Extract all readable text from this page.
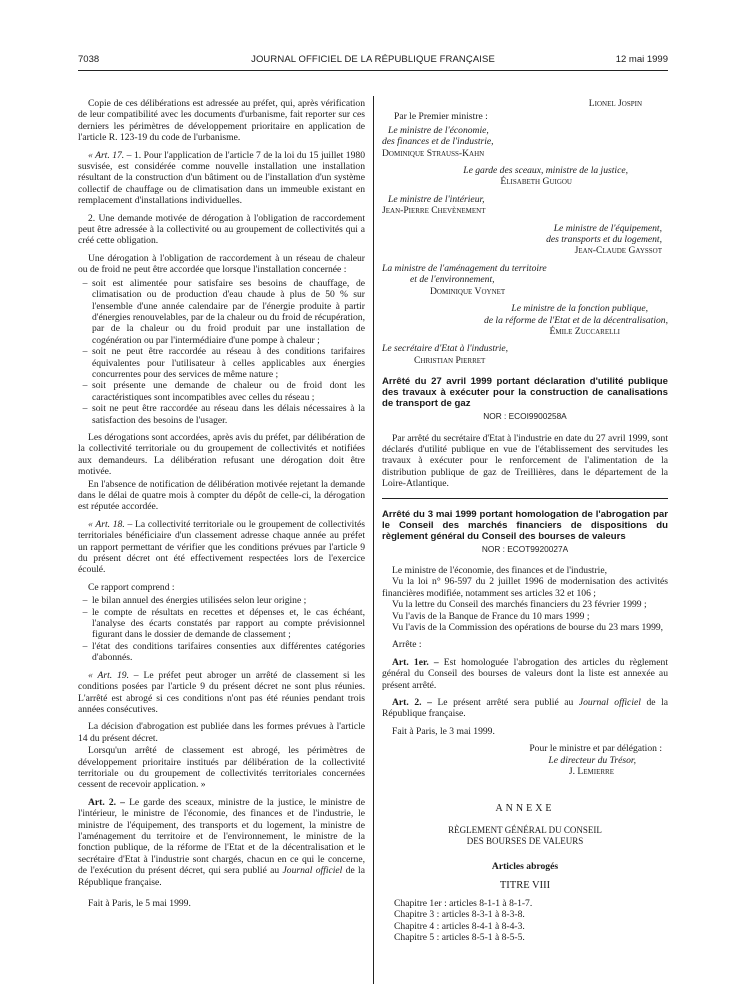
7038	JOURNAL OFFICIEL DE LA RÉPUBLIQUE FRANÇAISE	12 mai 1999

Copie de ces délibérations est adressée au préfet, qui, après vérification de leur compatibilité avec les documents d'urbanisme, fait reporter sur ces derniers les périmètres de développement prioritaire en application de l'article R. 123-19 du code de l'urbanisme.

« Art. 17. – 1. Pour l'application de l'article 7 de la loi du 15 juillet 1980 susvisée, est considérée comme nouvelle installation une installation résultant de la construction d'un bâtiment ou de l'installation d'un système collectif de chauffage ou de climatisation dans un immeuble existant en remplacement d'installations individuelles.

2. Une demande motivée de dérogation à l'obligation de raccordement peut être adressée à la collectivité ou au groupement de collectivités qui a créé cette obligation.

Une dérogation à l'obligation de raccordement à un réseau de chaleur ou de froid ne peut être accordée que lorsque l'installation concernée :

– soit est alimentée pour satisfaire ses besoins de chauffage, de climatisation ou de production d'eau chaude à plus de 50 % sur l'ensemble d'une année calendaire par de l'énergie produite à partir d'énergies renouvelables, par de la chaleur ou du froid de récupération, par de la chaleur ou du froid produit par une installation de cogénération ou par l'intermédiaire d'une pompe à chaleur ;
– soit ne peut être raccordée au réseau à des conditions tarifaires équivalentes pour l'utilisateur à celles applicables aux énergies concurrentes pour des services de même nature ;
– soit présente une demande de chaleur ou de froid dont les caractéristiques sont incompatibles avec celles du réseau ;
– soit ne peut être raccordée au réseau dans les délais nécessaires à la satisfaction des besoins de l'usager.

Les dérogations sont accordées, après avis du préfet, par délibération de la collectivité territoriale ou du groupement de collectivités et notifiées aux demandeurs. La délibération refusant une dérogation doit être motivée.

En l'absence de notification de délibération motivée rejetant la demande dans le délai de quatre mois à compter du dépôt de celle-ci, la dérogation est réputée accordée.

« Art. 18. – La collectivité territoriale ou le groupement de collectivités territoriales bénéficiaire d'un classement adresse chaque année au préfet un rapport permettant de vérifier que les conditions prévues par l'article 9 du présent décret ont été effectivement respectées lors de l'exercice écoulé.

Ce rapport comprend :

– le bilan annuel des énergies utilisées selon leur origine ;
– le compte de résultats en recettes et dépenses et, le cas échéant, l'analyse des écarts constatés par rapport au compte prévisionnel figurant dans le dossier de demande de classement ;
– l'état des conditions tarifaires consenties aux différentes catégories d'abonnés.

« Art. 19. – Le préfet peut abroger un arrêté de classement si les conditions posées par l'article 9 du présent décret ne sont plus réunies. L'arrêté est abrogé si ces conditions n'ont pas été réunies pendant trois années consécutives.

La décision d'abrogation est publiée dans les formes prévues à l'article 14 du présent décret.

Lorsqu'un arrêté de classement est abrogé, les périmètres de développement prioritaire institués par délibération de la collectivité territoriale ou du groupement de collectivités territoriales concernées cessent de recevoir application. »

Art. 2. – Le garde des sceaux, ministre de la justice, le ministre de l'intérieur, le ministre de l'économie, des finances et de l'industrie, le ministre de l'équipement, des transports et du logement, la ministre de l'aménagement du territoire et de l'environnement, le ministre de la fonction publique, de la réforme de l'Etat et de la décentralisation et le secrétaire d'Etat à l'industrie sont chargés, chacun en ce qui le concerne, de l'exécution du présent décret, qui sera publié au Journal officiel de la République française.

Fait à Paris, le 5 mai 1999.

Lionel Jospin
Par le Premier ministre :
Le ministre de l'économie,
des finances et de l'industrie,
Dominique Strauss-Kahn
Le garde des sceaux, ministre de la justice,
Élisabeth Guigou
Le ministre de l'intérieur,
Jean-Pierre Chevènement
Le ministre de l'équipement,
des transports et du logement,
Jean-Claude Gayssot
La ministre de l'aménagement du territoire
et de l'environnement,
Dominique Voynet
Le ministre de la fonction publique,
de la réforme de l'Etat et de la décentralisation,
Émile Zuccarelli
Le secrétaire d'Etat à l'industrie,
Christian Pierret
Arrêté du 27 avril 1999 portant déclaration d'utilité publique des travaux à exécuter pour la construction de canalisations de transport de gaz
NOR : ECOI9900258A

Par arrêté du secrétaire d'Etat à l'industrie en date du 27 avril 1999, sont déclarés d'utilité publique en vue de l'établissement des servitudes les travaux à exécuter pour le renforcement de l'alimentation de la distribution publique de gaz de Treillières, dans le département de la Loire-Atlantique.

Arrêté du 3 mai 1999 portant homologation de l'abrogation par le Conseil des marchés financiers de dispositions du règlement général du Conseil des bourses de valeurs
NOR : ECOT9920027A

Le ministre de l'économie, des finances et de l'industrie,

Vu la loi n° 96-597 du 2 juillet 1996 de modernisation des activités financières modifiée, notamment ses articles 32 et 106 ;

Vu la lettre du Conseil des marchés financiers du 23 février 1999 ;

Vu l'avis de la Banque de France du 10 mars 1999 ;

Vu l'avis de la Commission des opérations de bourse du 23 mars 1999,

Arrête :

Art. 1er. – Est homologuée l'abrogation des articles du règlement général du Conseil des bourses de valeurs dont la liste est annexée au présent arrêté.

Art. 2. – Le présent arrêté sera publié au Journal officiel de la République française.

Fait à Paris, le 3 mai 1999.

Pour le ministre et par délégation :
Le directeur du Trésor,
J. Lemierre
ANNEXE
RÈGLEMENT GÉNÉRAL DU CONSEIL
DES BOURSES DE VALEURS
Articles abrogés
TITRE VIII
Chapitre 1er : articles 8-1-1 à 8-1-7.
Chapitre 3 : articles 8-3-1 à 8-3-8.
Chapitre 4 : articles 8-4-1 à 8-4-3.
Chapitre 5 : articles 8-5-1 à 8-5-5.
